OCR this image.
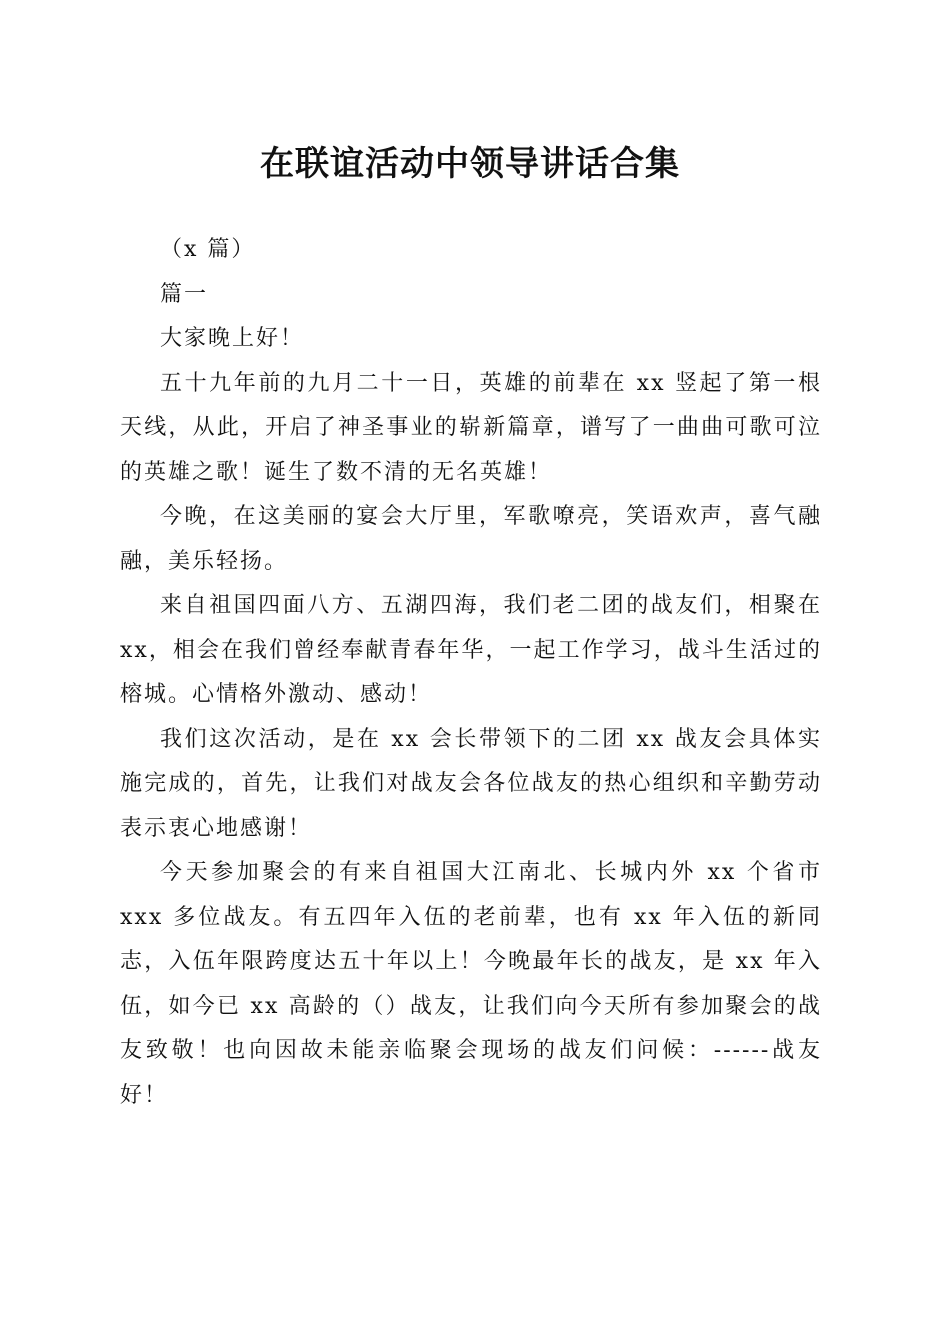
在联谊活动中领导讲话合集

（x 篇）

篇一

大家晚上好！

五十九年前的九月二十一日，英雄的前辈在 xx 竖起了第一根天线，从此，开启了神圣事业的崭新篇章，谱写了一曲曲可歌可泣的英雄之歌！诞生了数不清的无名英雄！

今晚，在这美丽的宴会大厅里，军歌嘹亮，笑语欢声，喜气融融，美乐轻扬。

来自祖国四面八方、五湖四海，我们老二团的战友们，相聚在 xx，相会在我们曾经奉献青春年华，一起工作学习，战斗生活过的榕城。心情格外激动、感动！

我们这次活动，是在 xx 会长带领下的二团 xx 战友会具体实施完成的，首先，让我们对战友会各位战友的热心组织和辛勤劳动表示衷心地感谢！

今天参加聚会的有来自祖国大江南北、长城内外 xx 个省市 xxx 多位战友。有五四年入伍的老前辈，也有 xx 年入伍的新同志，入伍年限跨度达五十年以上！今晚最年长的战友，是 xx 年入伍，如今已 xx 高龄的（）战友，让我们向今天所有参加聚会的战友致敬！也向因故未能亲临聚会现场的战友们问候：------战友好！
